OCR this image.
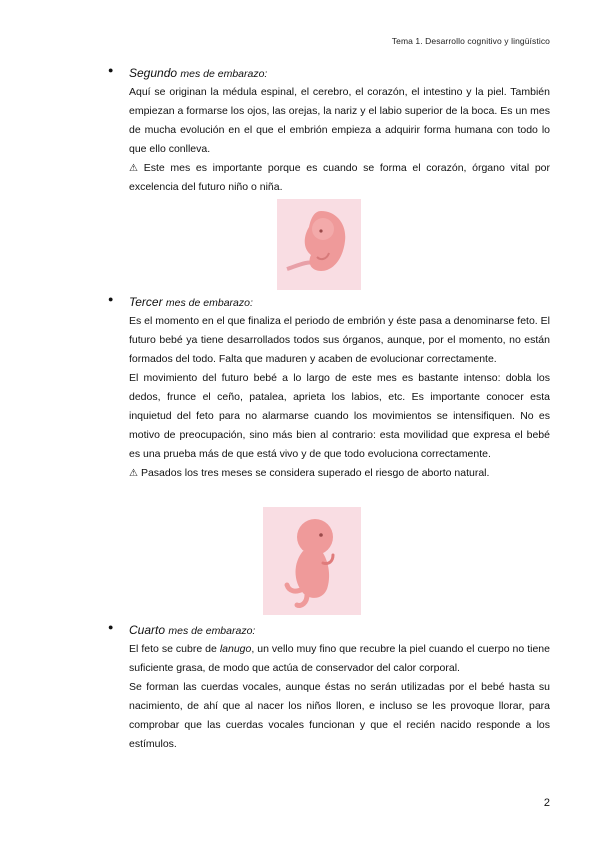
Tema 1. Desarrollo cognitivo y lingüístico
● Segundo mes de embarazo:

Aquí se originan la médula espinal, el cerebro, el corazón, el intestino y la piel. También empiezan a formarse los ojos, las orejas, la nariz y el labio superior de la boca. Es un mes de mucha evolución en el que el embrión empieza a adquirir forma humana con todo lo que ello conlleva.

⚠ Este mes es importante porque es cuando se forma el corazón, órgano vital por excelencia del futuro niño o niña.

● Tercer mes de embarazo:

Es el momento en el que finaliza el periodo de embrión y éste pasa a denominarse feto. El futuro bebé ya tiene desarrollados todos sus órganos, aunque, por el momento, no están formados del todo. Falta que maduren y acaben de evolucionar correctamente.

El movimiento del futuro bebé a lo largo de este mes es bastante intenso: dobla los dedos, frunce el ceño, patalea, aprieta los labios, etc. Es importante conocer esta inquietud del feto para no alarmarse cuando los movimientos se intensifiquen. No es motivo de preocupación, sino más bien al contrario: esta movilidad que expresa el bebé es una prueba más de que está vivo y de que todo evoluciona correctamente.

⚠ Pasados los tres meses se considera superado el riesgo de aborto natural.

● Cuarto mes de embarazo:

El feto se cubre de lanugo, un vello muy fino que recubre la piel cuando el cuerpo no tiene suficiente grasa, de modo que actúa de conservador del calor corporal.

Se forman las cuerdas vocales, aunque éstas no serán utilizadas por el bebé hasta su nacimiento, de ahí que al nacer los niños lloren, e incluso se les provoque llorar, para comprobar que las cuerdas vocales funcionan y que el recién nacido responde a los estímulos.

2
